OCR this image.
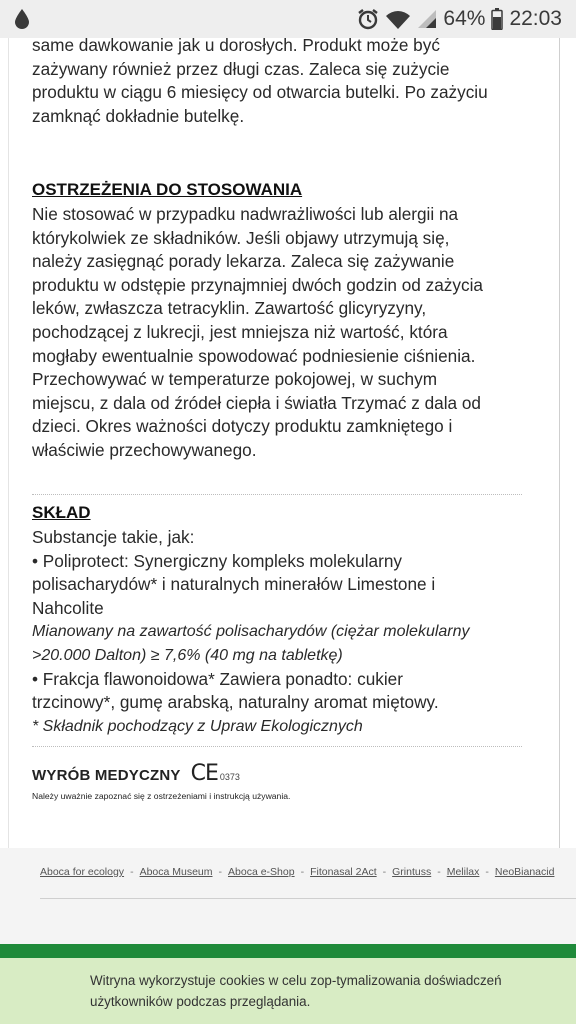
64% 22:03
same dawkowanie jak u dorosłych. Produkt może być
zażywany również przez długi czas. Zaleca się zużycie
produktu w ciągu 6 miesięcy od otwarcia butelki. Po zażyciu
zamknąć dokładnie butelkę.
OSTRZEŻENIA DO STOSOWANIA
Nie stosować w przypadku nadwrażliwości lub alergii na
którykolwiek ze składników. Jeśli objawy utrzymują się,
należy zasięgnąć porady lekarza. Zaleca się zażywanie
produktu w odstępie przynajmniej dwóch godzin od zażycia
leków, zwłaszcza tetracyklin. Zawartość glicyryzyny,
pochodzącej z lukrecji, jest mniejsza niż wartość, która
mogłaby ewentualnie spowodować podniesienie ciśnienia.
Przechowywać w temperaturze pokojowej, w suchym
miejscu, z dala od źródeł ciepła i światła Trzymać z dala od
dzieci. Okres ważności dotyczy produktu zamkniętego i
właściwie przechowywanego.
SKŁAD
Substancje takie, jak:
• Poliprotect: Synergiczny kompleks molekularny
polisacharydów* i naturalnych minerałów Limestone i
Nahcolite
Mianowany na zawartość polisacharydów (ciężar molekularny
>20.000 Dalton) ≥ 7,6% (40 mg na tabletkę)
• Frakcja flawonoidowa* Zawiera ponadto: cukier
trzcinowy*, gumę arabską, naturalny aromat miętowy.
* Składnik pochodzący z Upraw Ekologicznych
WYRÓB MEDYCZNY CE 0373
Należy uważnie zapoznać się z ostrzeżeniami i instrukcją używania.
Aboca for ecology - Aboca Museum - Aboca e-Shop - Fitonasal 2Act - Grintuss - Melilax - NeoBianacid
Witryna wykorzystuje cookies w celu zop-tymalizowania doświadczeń
użytkowników podczas przeglądania.
